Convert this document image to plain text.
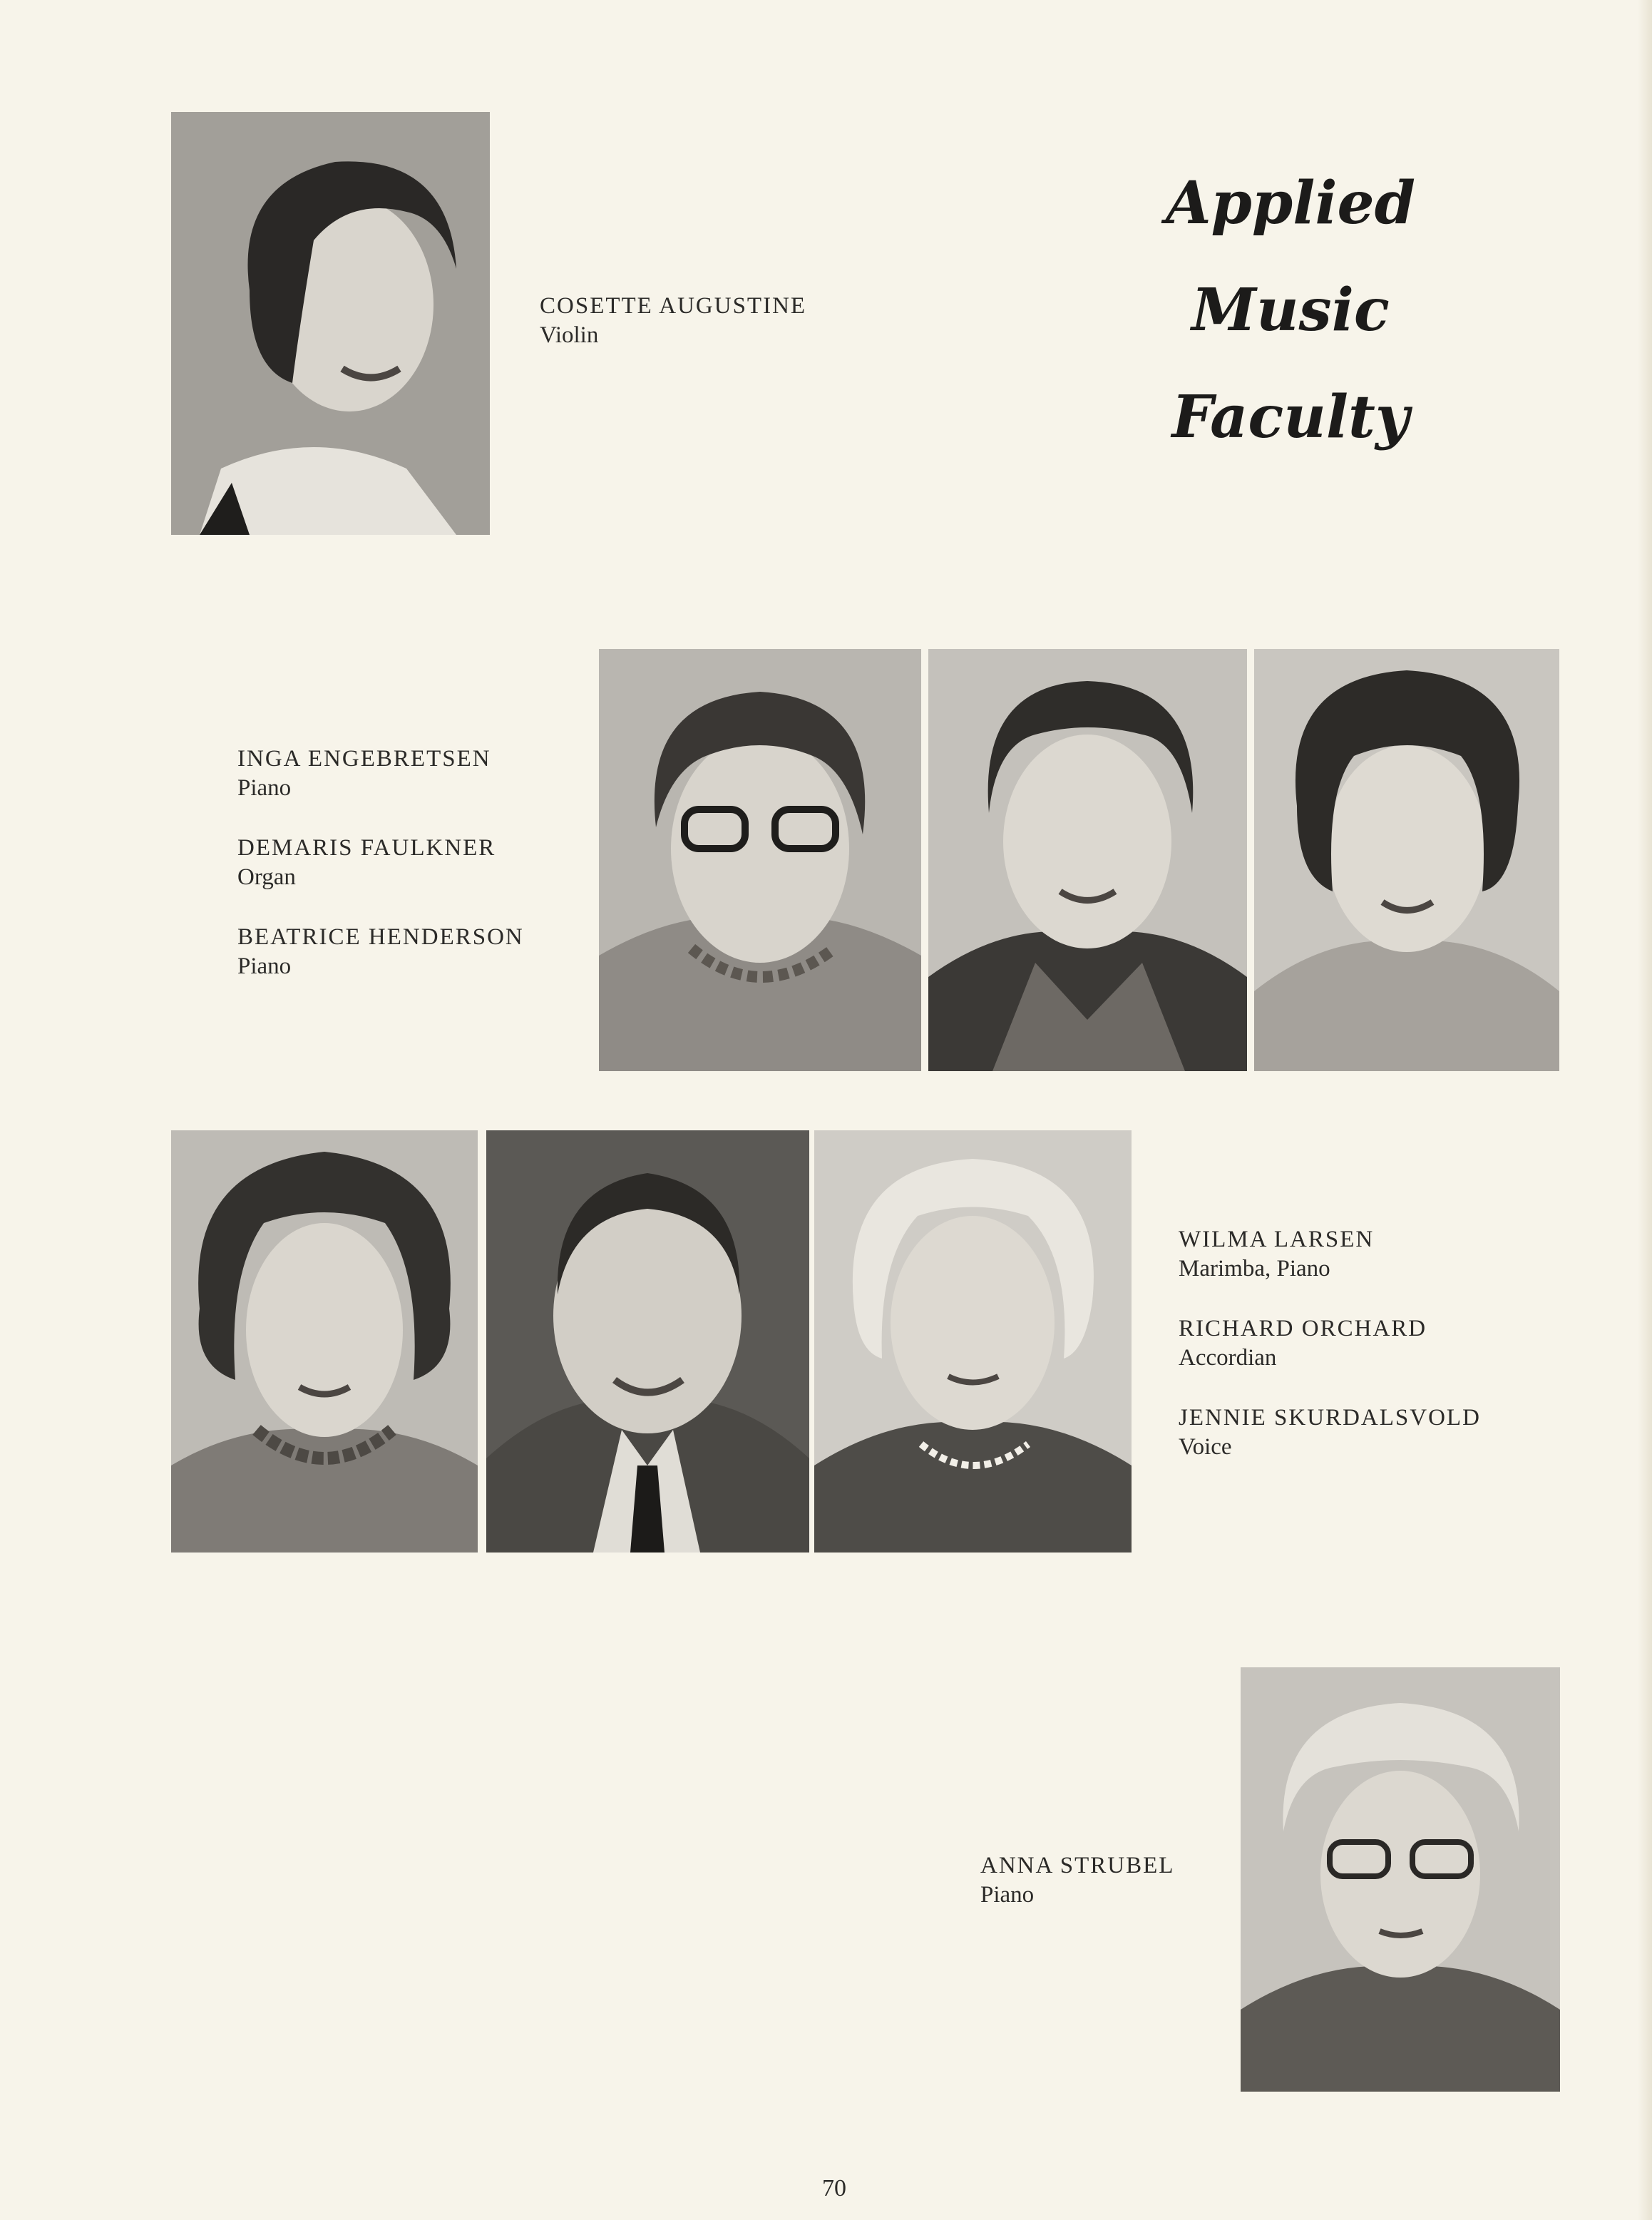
Applied
Music
Faculty
COSETTE AUGUSTINE
Violin
INGA ENGEBRETSEN
Piano
DEMARIS FAULKNER
Organ
BEATRICE HENDERSON
Piano
WILMA LARSEN
Marimba, Piano
RICHARD ORCHARD
Accordian
JENNIE SKURDALSVOLD
Voice
ANNA STRUBEL
Piano
70
